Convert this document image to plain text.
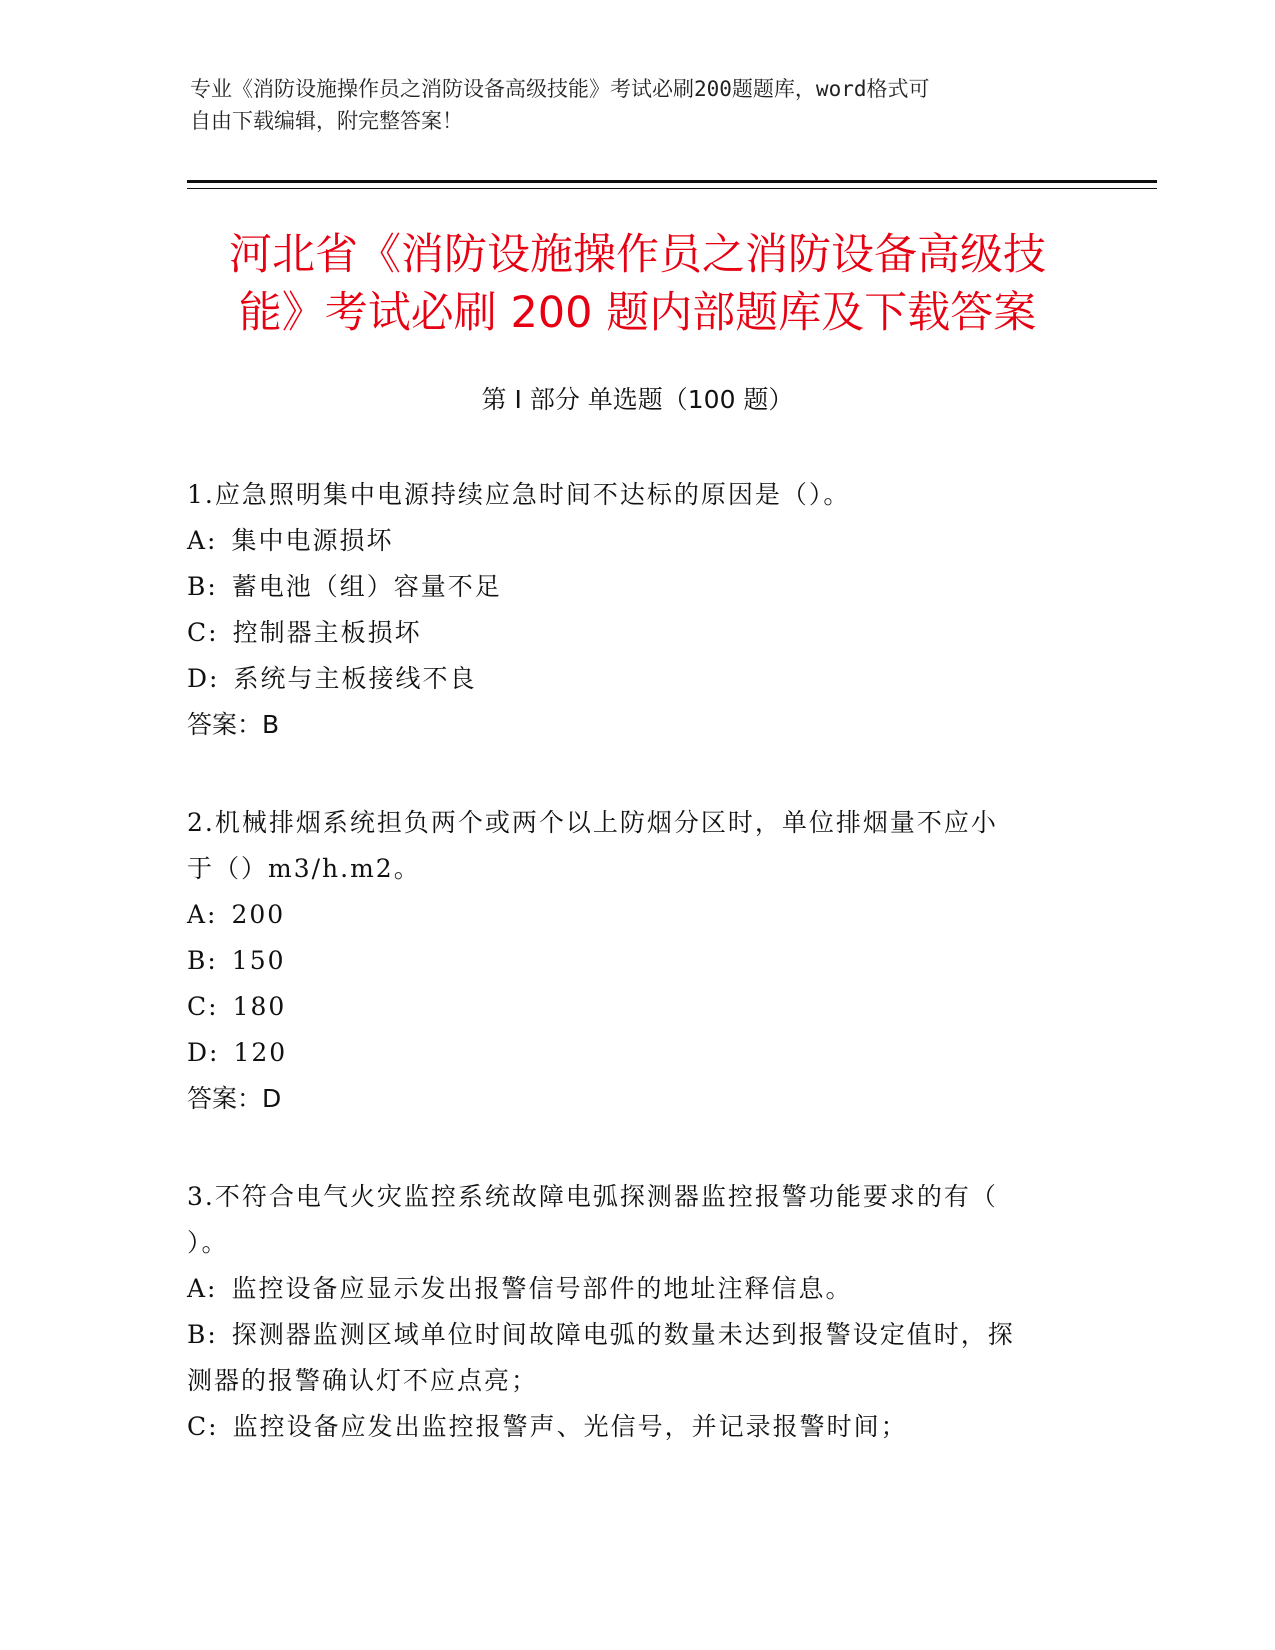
专业《消防设施操作员之消防设备高级技能》考试必刷200题题库，word格式可
自由下载编辑，附完整答案！
河北省《消防设施操作员之消防设备高级技
能》考试必刷 200 题内部题库及下载答案
第 I 部分 单选题（100 题）
1.应急照明集中电源持续应急时间不达标的原因是（）。
A: 集中电源损坏
B: 蓄电池（组）容量不足
C: 控制器主板损坏
D: 系统与主板接线不良
答案：B
2.机械排烟系统担负两个或两个以上防烟分区时，单位排烟量不应小
于（）m3/h.m2。
A: 200
B: 150
C: 180
D: 120
答案：D
3.不符合电气火灾监控系统故障电弧探测器监控报警功能要求的有（
）。
A: 监控设备应显示发出报警信号部件的地址注释信息。
B: 探测器监测区域单位时间故障电弧的数量未达到报警设定值时，探
测器的报警确认灯不应点亮；
C: 监控设备应发出监控报警声、光信号，并记录报警时间；
